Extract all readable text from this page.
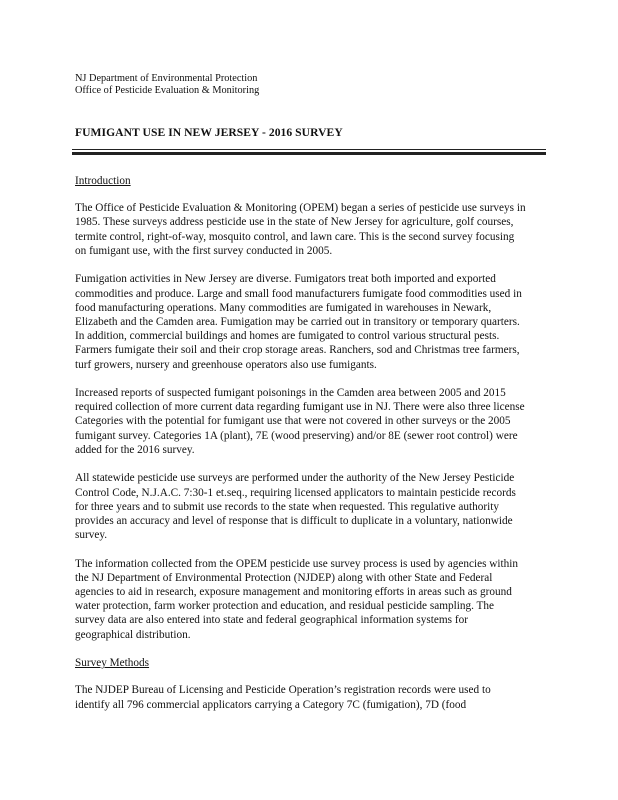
NJ Department of Environmental Protection
Office of Pesticide Evaluation & Monitoring
FUMIGANT USE IN NEW JERSEY - 2016 SURVEY
Introduction
The Office of Pesticide Evaluation & Monitoring (OPEM) began a series of pesticide use surveys in
1985. These surveys address pesticide use in the state of New Jersey for agriculture, golf courses,
termite control, right-of-way, mosquito control, and lawn care. This is the second survey focusing
on fumigant use, with the first survey conducted in 2005.
Fumigation activities in New Jersey are diverse. Fumigators treat both imported and exported
commodities and produce. Large and small food manufacturers fumigate food commodities used in
food manufacturing operations. Many commodities are fumigated in warehouses in Newark,
Elizabeth and the Camden area. Fumigation may be carried out in transitory or temporary quarters.
In addition, commercial buildings and homes are fumigated to control various structural pests.
Farmers fumigate their soil and their crop storage areas. Ranchers, sod and Christmas tree farmers,
turf growers, nursery and greenhouse operators also use fumigants.
Increased reports of suspected fumigant poisonings in the Camden area between 2005 and 2015
required collection of more current data regarding fumigant use in NJ. There were also three license
Categories with the potential for fumigant use that were not covered in other surveys or the 2005
fumigant survey. Categories 1A (plant), 7E (wood preserving) and/or 8E (sewer root control) were
added for the 2016 survey.
All statewide pesticide use surveys are performed under the authority of the New Jersey Pesticide
Control Code, N.J.A.C. 7:30-1 et.seq., requiring licensed applicators to maintain pesticide records
for three years and to submit use records to the state when requested. This regulative authority
provides an accuracy and level of response that is difficult to duplicate in a voluntary, nationwide
survey.
The information collected from the OPEM pesticide use survey process is used by agencies within
the NJ Department of Environmental Protection (NJDEP) along with other State and Federal
agencies to aid in research, exposure management and monitoring efforts in areas such as ground
water protection, farm worker protection and education, and residual pesticide sampling. The
survey data are also entered into state and federal geographical information systems for
geographical distribution.
Survey Methods
The NJDEP Bureau of Licensing and Pesticide Operation’s registration records were used to
identify all 796 commercial applicators carrying a Category 7C (fumigation), 7D (food
